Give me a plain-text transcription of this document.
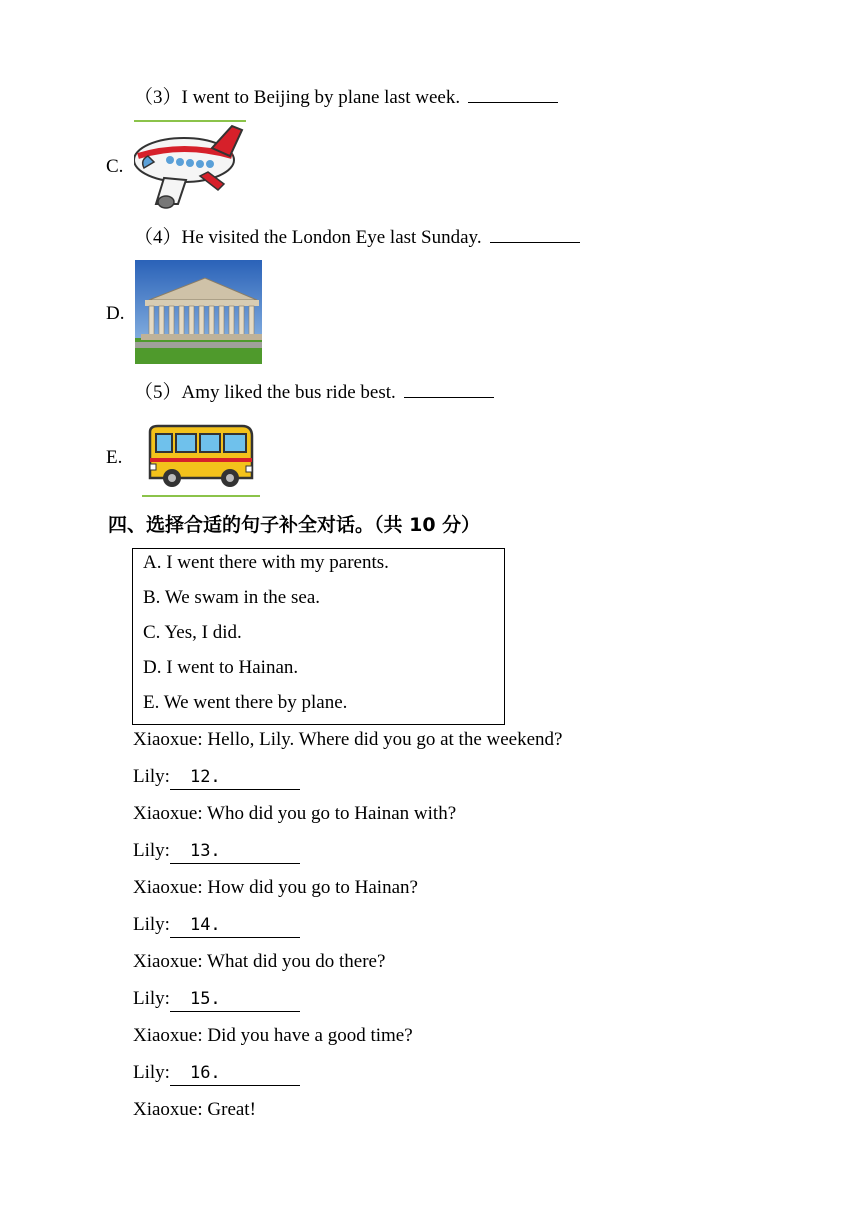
（3）I went to Beijing by plane last week.
C.
（4）He visited the London Eye last Sunday.
D.
（5）Amy liked the bus ride best.
E.
四、选择合适的句子补全对话。（共 10 分）
A. I went there with my parents.
B. We swam in the sea.
C. Yes, I did.
D. I went to Hainan.
E. We went there by plane.
Xiaoxue: Hello, Lily. Where did you go at the weekend?
Lily: 12.
Xiaoxue: Who did you go to Hainan with?
Lily: 13.
Xiaoxue: How did you go to Hainan?
Lily: 14.
Xiaoxue: What did you do there?
Lily: 15.
Xiaoxue: Did you have a good time?
Lily: 16.
Xiaoxue: Great!
